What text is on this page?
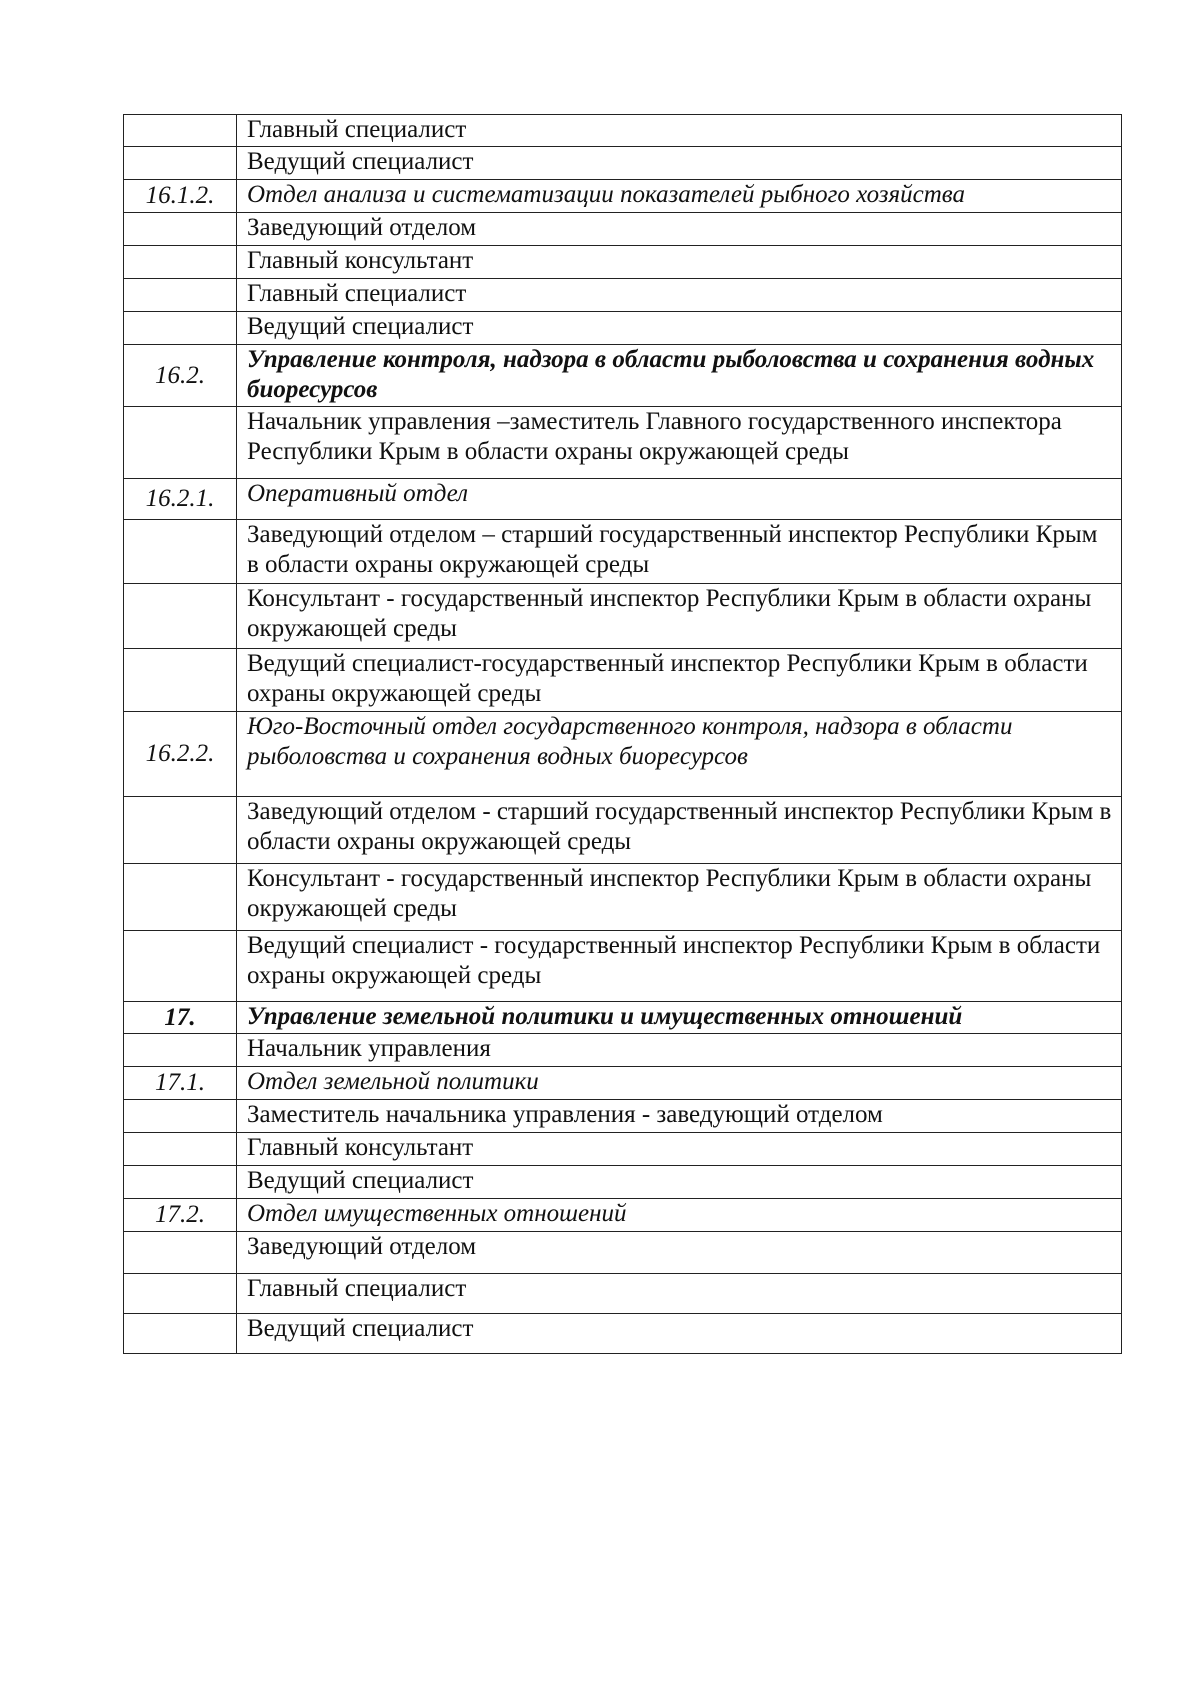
	Главный специалист
	Ведущий специалист
16.1.2.	Отдел анализа и систематизации показателей рыбного хозяйства
	Заведующий отделом
	Главный консультант
	Главный специалист
	Ведущий специалист
16.2.	Управление контроля, надзора в области рыболовства и сохранения водных биоресурсов
	Начальник управления –заместитель Главного государственного инспектора Республики Крым в области охраны окружающей среды
16.2.1.	Оперативный отдел
	Заведующий отделом – старший государственный инспектор Республики Крым в области охраны окружающей среды
	Консультант - государственный инспектор Республики Крым в области охраны окружающей среды
	Ведущий специалист-государственный инспектор Республики Крым в области охраны окружающей среды
16.2.2.	Юго-Восточный отдел государственного контроля, надзора в области рыболовства и сохранения водных биоресурсов
	Заведующий отделом - старший государственный инспектор Республики Крым в области охраны окружающей среды
	Консультант - государственный инспектор Республики Крым в области охраны окружающей среды
	Ведущий специалист - государственный инспектор Республики Крым в области охраны окружающей среды
17.	Управление земельной политики и имущественных отношений
	Начальник управления
17.1.	Отдел земельной политики
	Заместитель начальника управления - заведующий отделом
	Главный консультант
	Ведущий специалист
17.2.	Отдел имущественных отношений
	Заведующий отделом
	Главный специалист
	Ведущий специалист
